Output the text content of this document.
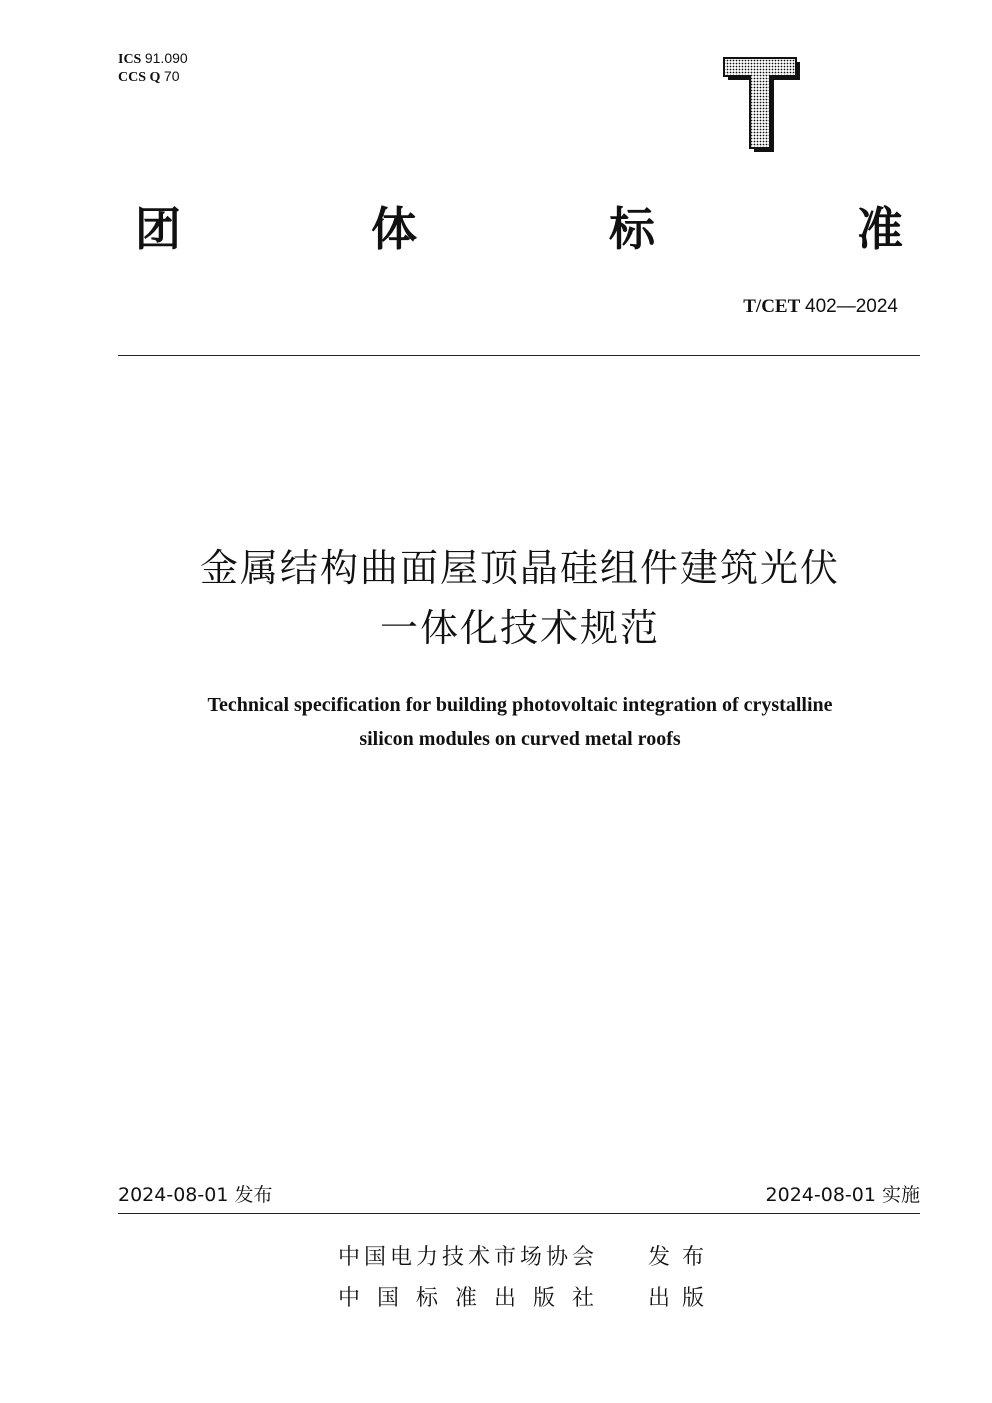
ICS 91.090
CCS Q 70
团	体	标	准
T/CET 402—2024
金属结构曲面屋顶晶硅组件建筑光伏
一体化技术规范
Technical specification for building photovoltaic integration of crystalline
silicon modules on curved metal roofs
2024-08-01 发布	2024-08-01 实施
中国电力技术市场协会 发布
中国标准出版社 出版
